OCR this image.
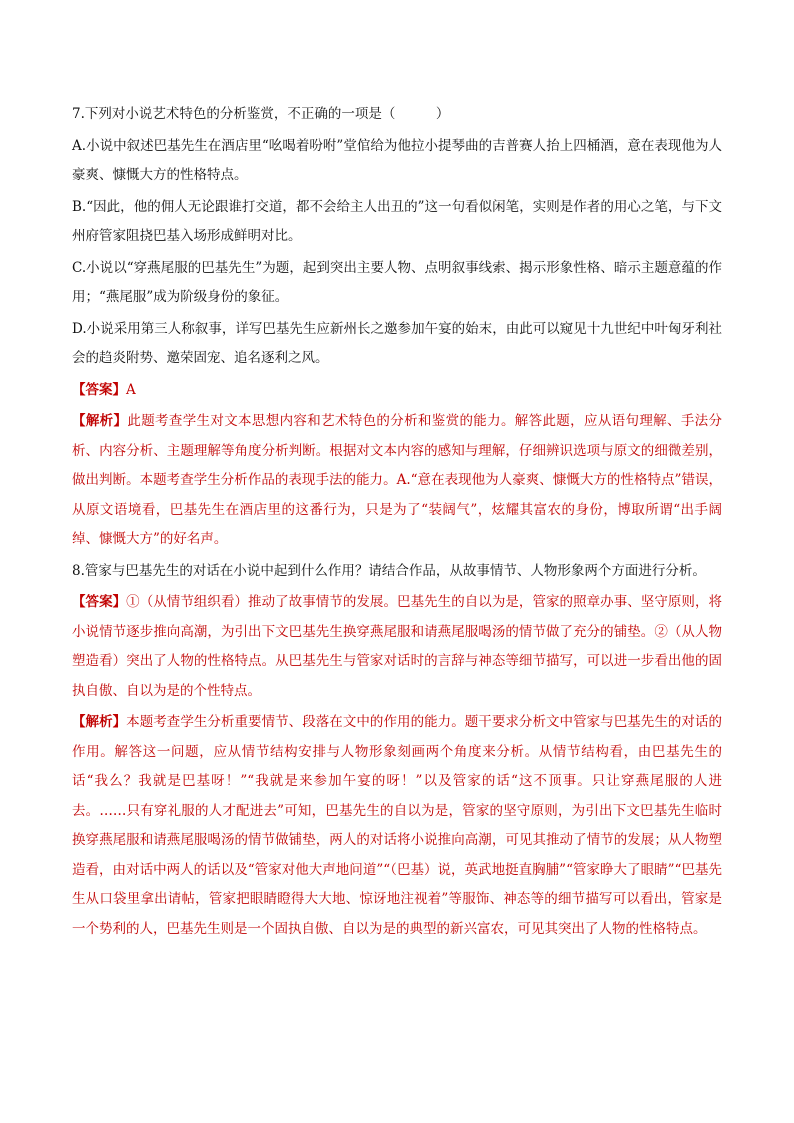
7.下列对小说艺术特色的分析鉴赏，不正确的一项是（　　　）

A.小说中叙述巴基先生在酒店里“吆喝着吩咐”堂倌给为他拉小提琴曲的吉普赛人抬上四桶酒，意在表现他为人豪爽、慷慨大方的性格特点。

B.“因此，他的佣人无论跟谁打交道，都不会给主人出丑的”这一句看似闲笔，实则是作者的用心之笔，与下文州府管家阻挠巴基入场形成鲜明对比。

C.小说以“穿燕尾服的巴基先生”为题，起到突出主要人物、点明叙事线索、揭示形象性格、暗示主题意蕴的作用；“燕尾服”成为阶级身份的象征。

D.小说采用第三人称叙事，详写巴基先生应新州长之邀参加午宴的始末，由此可以窥见十九世纪中叶匈牙利社会的趋炎附势、邀荣固宠、追名逐利之风。

【答案】A

【解析】此题考查学生对文本思想内容和艺术特色的分析和鉴赏的能力。解答此题，应从语句理解、手法分析、内容分析、主题理解等角度分析判断。根据对文本内容的感知与理解，仔细辨识选项与原文的细微差别，做出判断。本题考查学生分析作品的表现手法的能力。A.“意在表现他为人豪爽、慷慨大方的性格特点”错误，从原文语境看，巴基先生在酒店里的这番行为，只是为了“装阔气”，炫耀其富农的身份，博取所谓“出手阔绰、慷慨大方”的好名声。

8.管家与巴基先生的对话在小说中起到什么作用？请结合作品，从故事情节、人物形象两个方面进行分析。

【答案】①（从情节组织看）推动了故事情节的发展。巴基先生的自以为是，管家的照章办事、坚守原则，将小说情节逐步推向高潮，为引出下文巴基先生换穿燕尾服和请燕尾服喝汤的情节做了充分的铺垫。②（从人物塑造看）突出了人物的性格特点。从巴基先生与管家对话时的言辞与神态等细节描写，可以进一步看出他的固执自傲、自以为是的个性特点。

【解析】本题考查学生分析重要情节、段落在文中的作用的能力。题干要求分析文中管家与巴基先生的对话的作用。解答这一问题，应从情节结构安排与人物形象刻画两个角度来分析。从情节结构看，由巴基先生的话“我么？我就是巴基呀！”“我就是来参加午宴的呀！”以及管家的话“这不顶事。只让穿燕尾服的人进去。……只有穿礼服的人才配进去”可知，巴基先生的自以为是，管家的坚守原则，为引出下文巴基先生临时换穿燕尾服和请燕尾服喝汤的情节做铺垫，两人的对话将小说推向高潮，可见其推动了情节的发展；从人物塑造看，由对话中两人的话以及“管家对他大声地问道”“（巴基）说，英武地挺直胸脯”“管家睁大了眼睛”“巴基先生从口袋里拿出请帖，管家把眼睛瞪得大大地、惊讶地注视着”等服饰、神态等的细节描写可以看出，管家是一个势利的人，巴基先生则是一个固执自傲、自以为是的典型的新兴富农，可见其突出了人物的性格特点。
